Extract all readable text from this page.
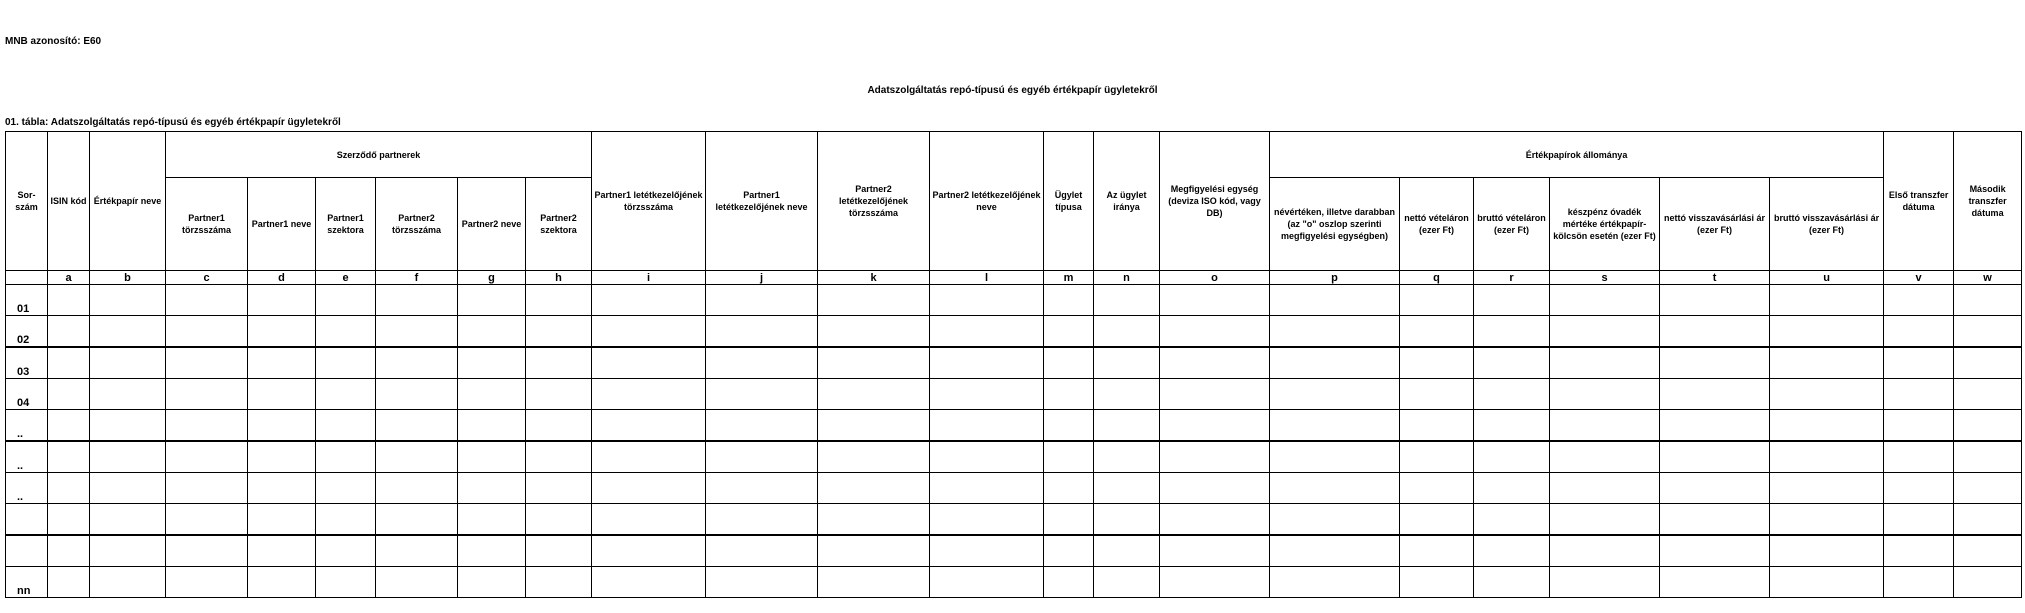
MNB azonosító: E60
Adatszolgáltatás repó-típusú és egyéb értékpapír ügyletekről
01. tábla: Adatszolgáltatás repó-típusú és egyéb értékpapír ügyletekről
Sor-szám	ISIN kód	Értékpapír neve	Szerződő partnerek						Partner1 letétkezelőjének törzsszáma	Partner1 letétkezelőjének neve	Partner2 letétkezelőjének törzsszáma	Partner2 letétkezelőjének neve	Ügylet típusa	Az ügylet iránya	Megfigyelési egység (deviza ISO kód, vagy DB)	Értékpapírok állománya						Első transzfer dátuma	Második transzfer dátuma
			Partner1 törzsszáma	Partner1 neve	Partner1 szektora	Partner2 törzsszáma	Partner2 neve	Partner2 szektora								névértéken, illetve darabban (az "o" oszlop szerinti megfigyelési egységben)	nettó vételáron (ezer Ft)	bruttó vételáron (ezer Ft)	készpénz óvadék mértéke értékpapír-kölcsön esetén (ezer Ft)	nettó visszavásárlási ár (ezer Ft)	bruttó visszavásárlási ár (ezer Ft)		
	a	b	c	d	e	f	g	h	i	j	k	l	m	n	o	p	q	r	s	t	u	v	w
01																							
02																							
03																							
04																							
..																							
..																							
..																							

nn																							
